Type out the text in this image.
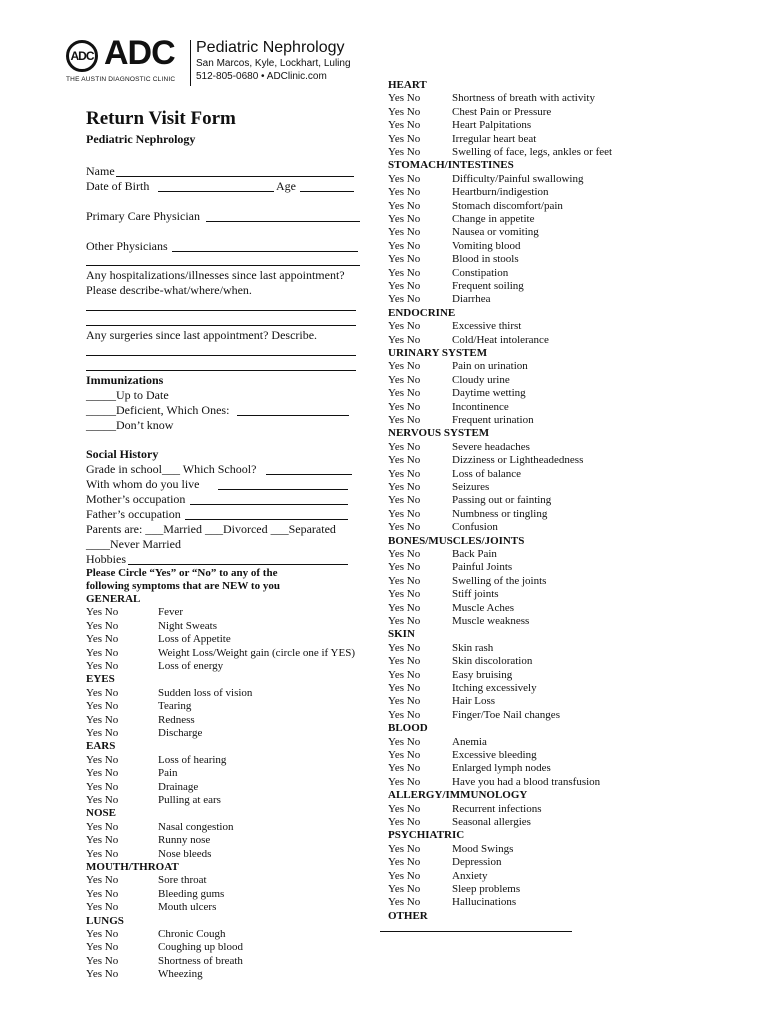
ADC ADC
THE AUSTIN DIAGNOSTIC CLINIC
Pediatric Nephrology
San Marcos, Kyle, Lockhart, Luling
512-805-0680 • ADClinic.com
Return Visit Form
Pediatric Nephrology
Name
Date of Birth	Age
Primary Care Physician
Other Physicians
Any hospitalizations/illnesses since last appointment?
Please describe-what/where/when.
Any surgeries since last appointment? Describe.
Immunizations
_____Up to Date
_____Deficient, Which Ones:
_____Don’t know
Social History
Grade in school___ Which School?
With whom do you live
Mother’s occupation
Father’s occupation
Parents are: ___Married ___Divorced ___Separated
____Never Married
Hobbies
Please Circle “Yes” or “No” to any of the
following symptoms that are NEW to you
GENERAL
Yes No	Fever
Yes No	Night Sweats
Yes No	Loss of Appetite
Yes No	Weight Loss/Weight gain (circle one if YES)
Yes No	Loss of energy
EYES
Yes No	Sudden loss of vision
Yes No	Tearing
Yes No	Redness
Yes No	Discharge
EARS
Yes No	Loss of hearing
Yes No	Pain
Yes No	Drainage
Yes No	Pulling at ears
NOSE
Yes No	Nasal congestion
Yes No	Runny nose
Yes No	Nose bleeds
MOUTH/THROAT
Yes No	Sore throat
Yes No	Bleeding gums
Yes No	Mouth ulcers
LUNGS
Yes No	Chronic Cough
Yes No	Coughing up blood
Yes No	Shortness of breath
Yes No	Wheezing
HEART
Yes No	Shortness of breath with activity
Yes No	Chest Pain or Pressure
Yes No	Heart Palpitations
Yes No	Irregular heart beat
Yes No	Swelling of face, legs, ankles or feet
STOMACH/INTESTINES
Yes No	Difficulty/Painful swallowing
Yes No	Heartburn/indigestion
Yes No	Stomach discomfort/pain
Yes No	Change in appetite
Yes No	Nausea or vomiting
Yes No	Vomiting blood
Yes No	Blood in stools
Yes No	Constipation
Yes No	Frequent soiling
Yes No	Diarrhea
ENDOCRINE
Yes No	Excessive thirst
Yes No	Cold/Heat intolerance
URINARY SYSTEM
Yes No	Pain on urination
Yes No	Cloudy urine
Yes No	Daytime wetting
Yes No	Incontinence
Yes No	Frequent urination
NERVOUS SYSTEM
Yes No	Severe headaches
Yes No	Dizziness or Lightheadedness
Yes No	Loss of balance
Yes No	Seizures
Yes No	Passing out or fainting
Yes No	Numbness or tingling
Yes No	Confusion
BONES/MUSCLES/JOINTS
Yes No	Back Pain
Yes No	Painful Joints
Yes No	Swelling of the joints
Yes No	Stiff joints
Yes No	Muscle Aches
Yes No	Muscle weakness
SKIN
Yes No	Skin rash
Yes No	Skin discoloration
Yes No	Easy bruising
Yes No	Itching excessively
Yes No	Hair Loss
Yes No	Finger/Toe Nail changes
BLOOD
Yes No	Anemia
Yes No	Excessive bleeding
Yes No	Enlarged lymph nodes
Yes No	Have you had a blood transfusion
ALLERGY/IMMUNOLOGY
Yes No	Recurrent infections
Yes No	Seasonal allergies
PSYCHIATRIC
Yes No	Mood Swings
Yes No	Depression
Yes No	Anxiety
Yes No	Sleep problems
Yes No	Hallucinations
OTHER
